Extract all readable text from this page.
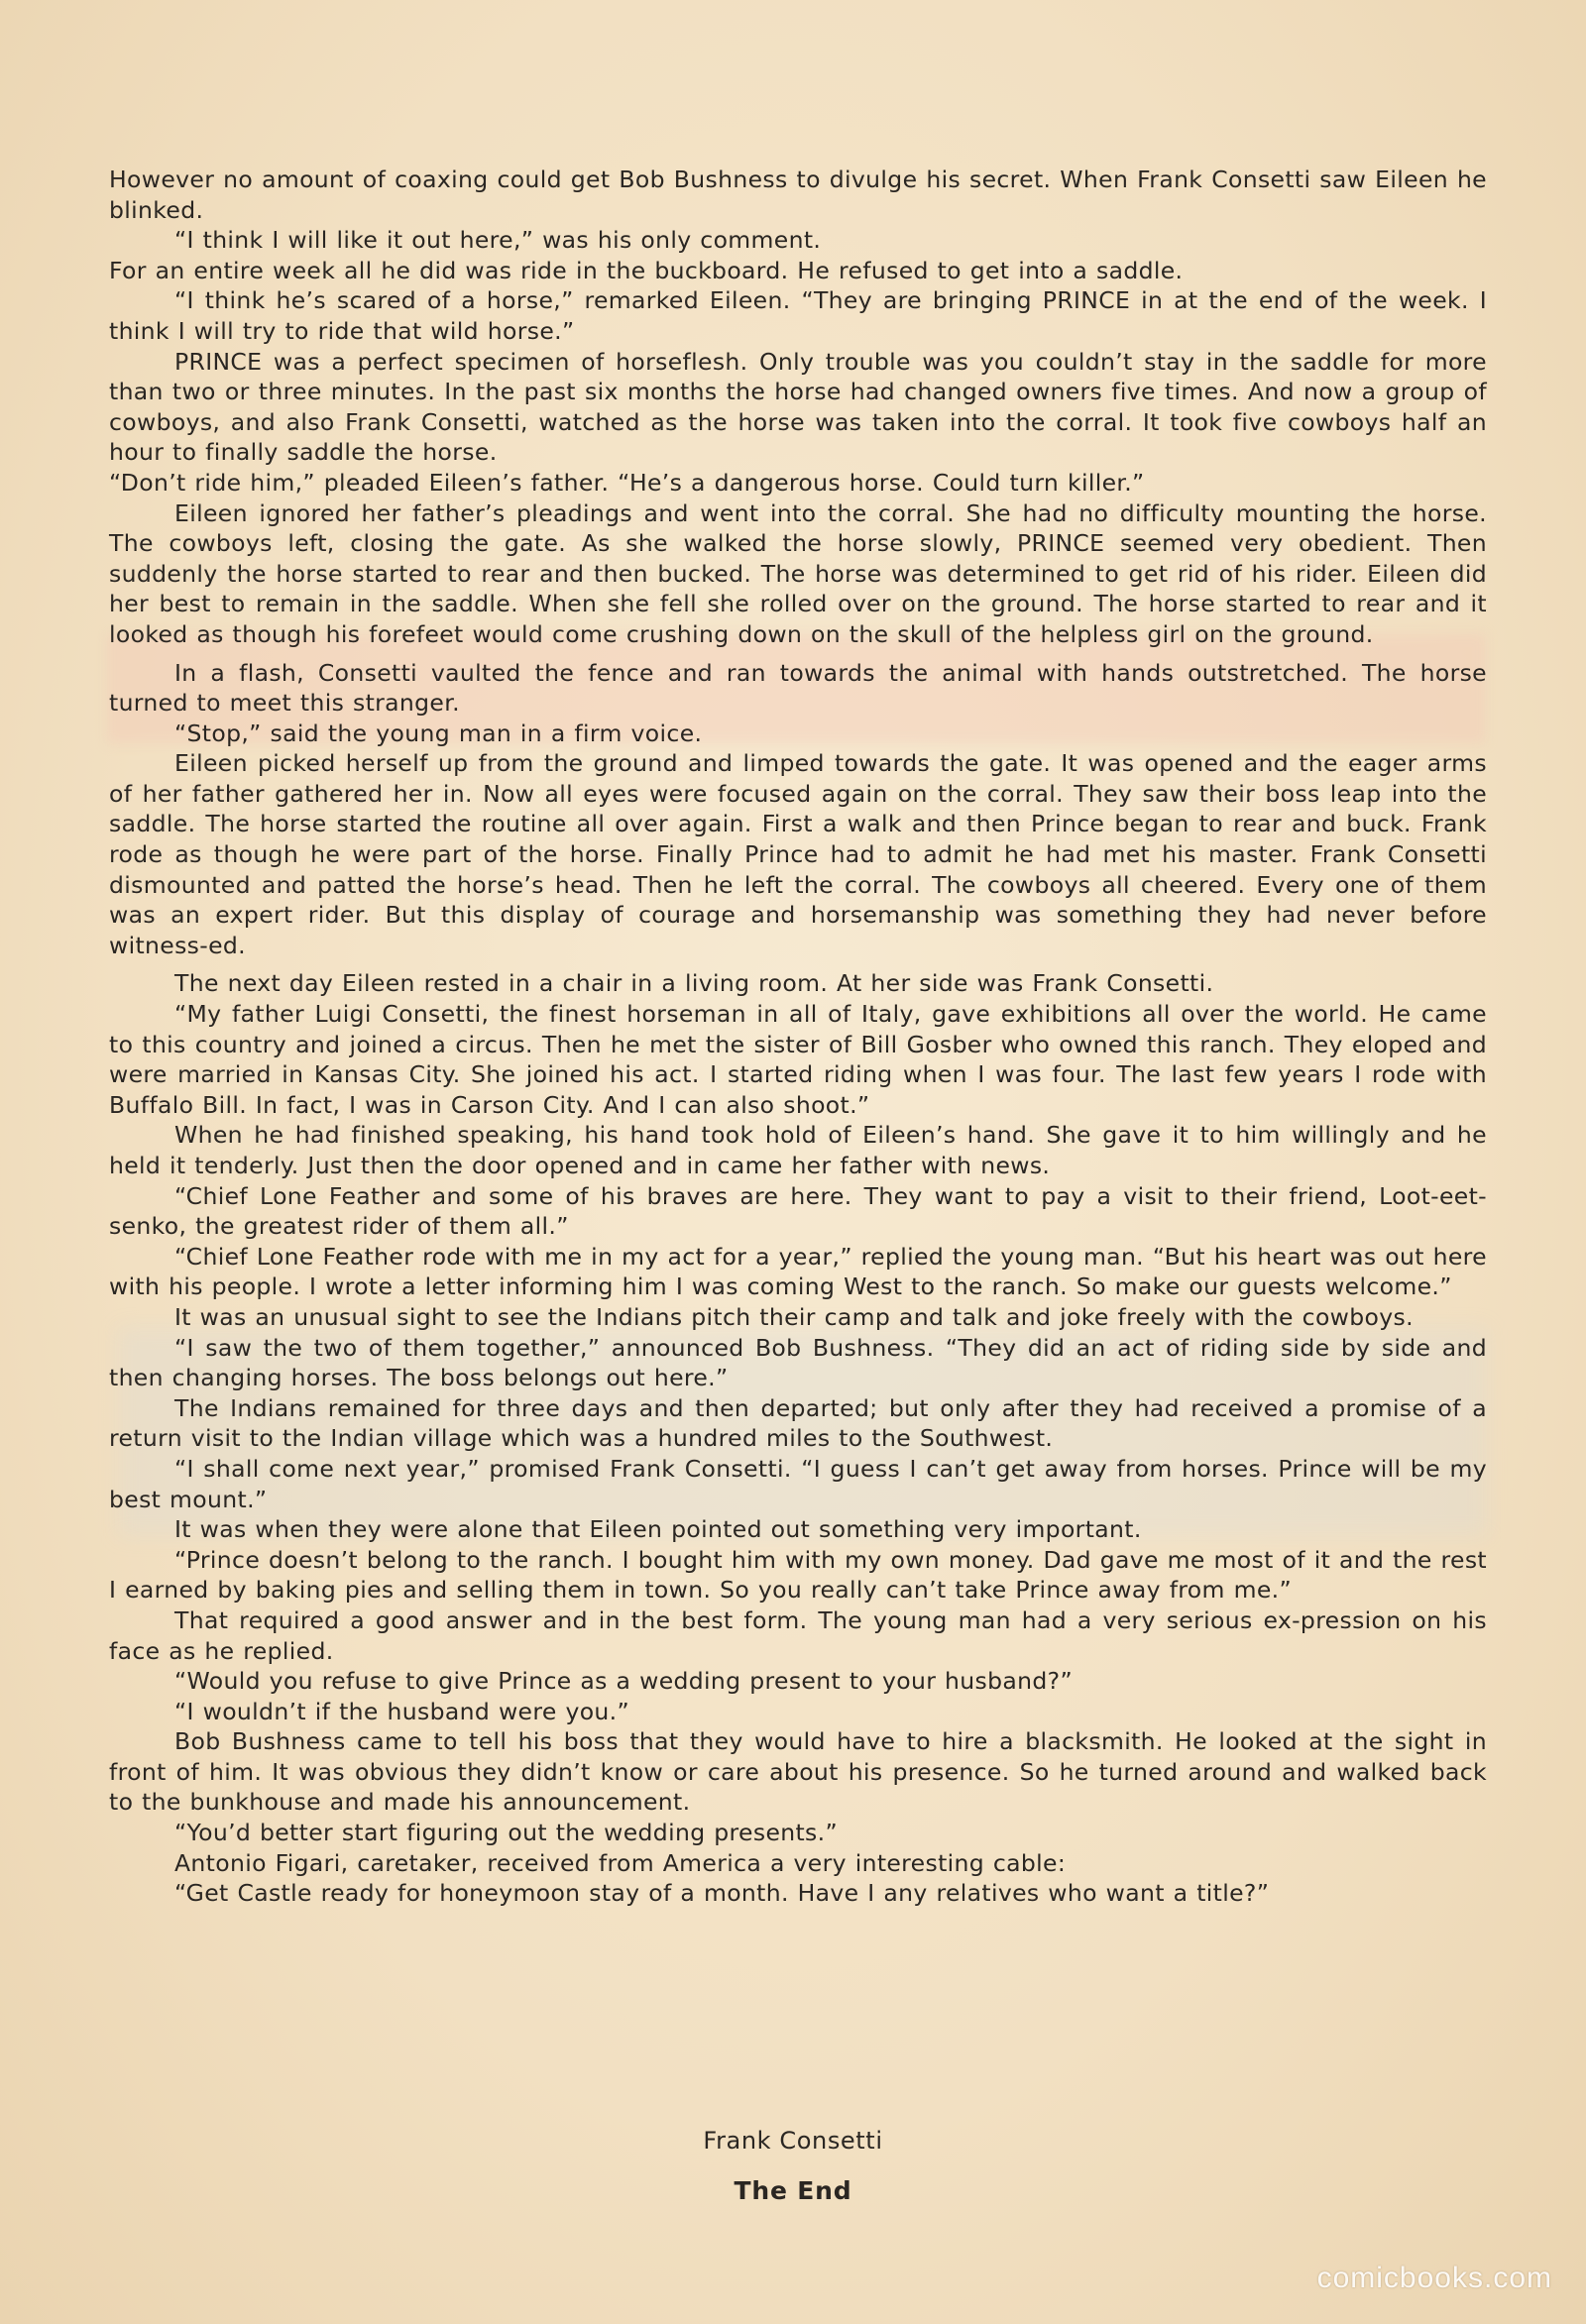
However no amount of coaxing could get Bob Bushness to divulge his secret. When Frank Consetti saw Eileen he blinked.

“I think I will like it out here,” was his only comment.

For an entire week all he did was ride in the buckboard. He refused to get into a saddle.

“I think he’s scared of a horse,” remarked Eileen. “They are bringing PRINCE in at the end of the week. I think I will try to ride that wild horse.”

PRINCE was a perfect specimen of horseflesh. Only trouble was you couldn’t stay in the saddle for more than two or three minutes. In the past six months the horse had changed owners five times. And now a group of cowboys, and also Frank Consetti, watched as the horse was taken into the corral. It took five cowboys half an hour to finally saddle the horse.

“Don’t ride him,” pleaded Eileen’s father. “He’s a dangerous horse. Could turn killer.”

Eileen ignored her father’s pleadings and went into the corral. She had no difficulty mounting the horse. The cowboys left, closing the gate. As she walked the horse slowly, PRINCE seemed very obedient. Then suddenly the horse started to rear and then bucked. The horse was determined to get rid of his rider. Eileen did her best to remain in the saddle. When she fell she rolled over on the ground. The horse started to rear and it looked as though his forefeet would come crushing down on the skull of the helpless girl on the ground.

In a flash, Consetti vaulted the fence and ran towards the animal with hands outstretched. The horse turned to meet this stranger.

“Stop,” said the young man in a firm voice.

Eileen picked herself up from the ground and limped towards the gate. It was opened and the eager arms of her father gathered her in. Now all eyes were focused again on the corral. They saw their boss leap into the saddle. The horse started the routine all over again. First a walk and then Prince began to rear and buck. Frank rode as though he were part of the horse. Finally Prince had to admit he had met his master. Frank Consetti dismounted and patted the horse’s head. Then he left the corral. The cowboys all cheered. Every one of them was an expert rider. But this display of courage and horsemanship was something they had never before witness-ed.

The next day Eileen rested in a chair in a living room. At her side was Frank Consetti.

“My father Luigi Consetti, the finest horseman in all of Italy, gave exhibitions all over the world. He came to this country and joined a circus. Then he met the sister of Bill Gosber who owned this ranch. They eloped and were married in Kansas City. She joined his act. I started riding when I was four. The last few years I rode with Buffalo Bill. In fact, I was in Carson City. And I can also shoot.”

When he had finished speaking, his hand took hold of Eileen’s hand. She gave it to him willingly and he held it tenderly. Just then the door opened and in came her father with news.

“Chief Lone Feather and some of his braves are here. They want to pay a visit to their friend, Loot-eet-senko, the greatest rider of them all.”

“Chief Lone Feather rode with me in my act for a year,” replied the young man. “But his heart was out here with his people. I wrote a letter informing him I was coming West to the ranch. So make our guests welcome.”

It was an unusual sight to see the Indians pitch their camp and talk and joke freely with the cowboys.

“I saw the two of them together,” announced Bob Bushness. “They did an act of riding side by side and then changing horses. The boss belongs out here.”

The Indians remained for three days and then departed; but only after they had received a promise of a return visit to the Indian village which was a hundred miles to the Southwest.

“I shall come next year,” promised Frank Consetti. “I guess I can’t get away from horses. Prince will be my best mount.”

It was when they were alone that Eileen pointed out something very important.

“Prince doesn’t belong to the ranch. I bought him with my own money. Dad gave me most of it and the rest I earned by baking pies and selling them in town. So you really can’t take Prince away from me.”

That required a good answer and in the best form. The young man had a very serious ex-pression on his face as he replied.

“Would you refuse to give Prince as a wedding present to your husband?”

“I wouldn’t if the husband were you.”

Bob Bushness came to tell his boss that they would have to hire a blacksmith. He looked at the sight in front of him. It was obvious they didn’t know or care about his presence. So he turned around and walked back to the bunkhouse and made his announcement.

“You’d better start figuring out the wedding presents.”

Antonio Figari, caretaker, received from America a very interesting cable:

“Get Castle ready for honeymoon stay of a month. Have I any relatives who want a title?”

Frank Consetti
The End
comicbooks.com
